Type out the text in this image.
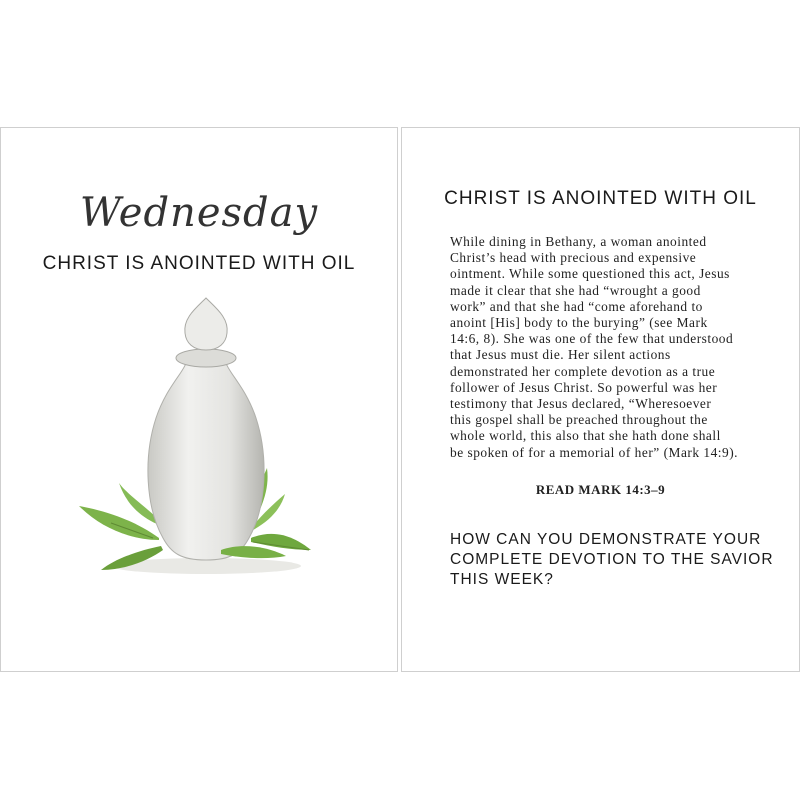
Wednesday
CHRIST IS ANOINTED WITH OIL
CHRIST IS ANOINTED WITH OIL

While dining in Bethany, a woman anointed
Christ’s head with precious and expensive
ointment. While some questioned this act, Jesus
made it clear that she had “wrought a good
work” and that she had “come aforehand to
anoint [His] body to the burying” (see Mark
14:6, 8). She was one of the few that understood
that Jesus must die. Her silent actions
demonstrated her complete devotion as a true
follower of Jesus Christ. So powerful was her
testimony that Jesus declared, “Wheresoever
this gospel shall be preached throughout the
whole world, this also that she hath done shall
be spoken of for a memorial of her” (Mark 14:9).

READ MARK 14:3–9

HOW CAN YOU DEMONSTRATE YOUR
COMPLETE DEVOTION TO THE SAVIOR
THIS WEEK?
